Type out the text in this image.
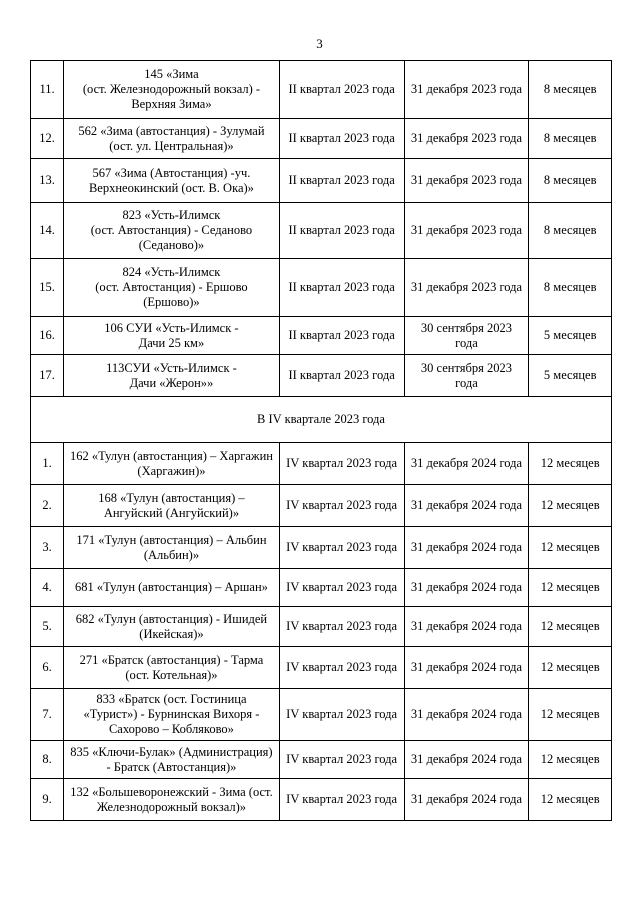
3
11.	145 «Зима
(ост. Железнодорожный вокзал) - Верхняя Зима»	II квартал 2023 года	31 декабря 2023 года	8 месяцев
12.	562 «Зима (автостанция) - Зулумай (ост. ул. Центральная)»	II квартал 2023 года	31 декабря 2023 года	8 месяцев
13.	567 «Зима (Автостанция) -уч. Верхнеокинский (ост. В. Ока)»	II квартал 2023 года	31 декабря 2023 года	8 месяцев
14.	823 «Усть-Илимск
(ост. Автостанция) - Седаново (Седаново)»	II квартал 2023 года	31 декабря 2023 года	8 месяцев
15.	824 «Усть-Илимск
(ост. Автостанция) - Ершово (Ершово)»	II квартал 2023 года	31 декабря 2023 года	8 месяцев
16.	106 СУИ «Усть-Илимск -
Дачи 25 км»	II квартал 2023 года	30 сентября 2023 года	5 месяцев
17.	113СУИ «Усть-Илимск -
Дачи «Жерон»»	II квартал 2023 года	30 сентября 2023 года	5 месяцев
В IV квартале 2023 года				
1.	162 «Тулун (автостанция) – Харгажин (Харгажин)»	IV квартал 2023 года	31 декабря 2024 года	12 месяцев
2.	168 «Тулун (автостанция) – Ангуйский (Ангуйский)»	IV квартал 2023 года	31 декабря 2024 года	12 месяцев
3.	171 «Тулун (автостанция) – Альбин (Альбин)»	IV квартал 2023 года	31 декабря 2024 года	12 месяцев
4.	681 «Тулун (автостанция) – Аршан»	IV квартал 2023 года	31 декабря 2024 года	12 месяцев
5.	682 «Тулун (автостанция) - Ишидей (Икейская)»	IV квартал 2023 года	31 декабря 2024 года	12 месяцев
6.	271 «Братск (автостанция) - Тарма (ост. Котельная)»	IV квартал 2023 года	31 декабря 2024 года	12 месяцев
7.	833 «Братск (ост. Гостиница «Турист») - Бурнинская Вихоря - Сахорово – Кобляково»	IV квартал 2023 года	31 декабря 2024 года	12 месяцев
8.	835 «Ключи-Булак» (Администрация) - Братск (Автостанция)»	IV квартал 2023 года	31 декабря 2024 года	12 месяцев
9.	132 «Большеворонежский - Зима (ост. Железнодорожный вокзал)»	IV квартал 2023 года	31 декабря 2024 года	12 месяцев
